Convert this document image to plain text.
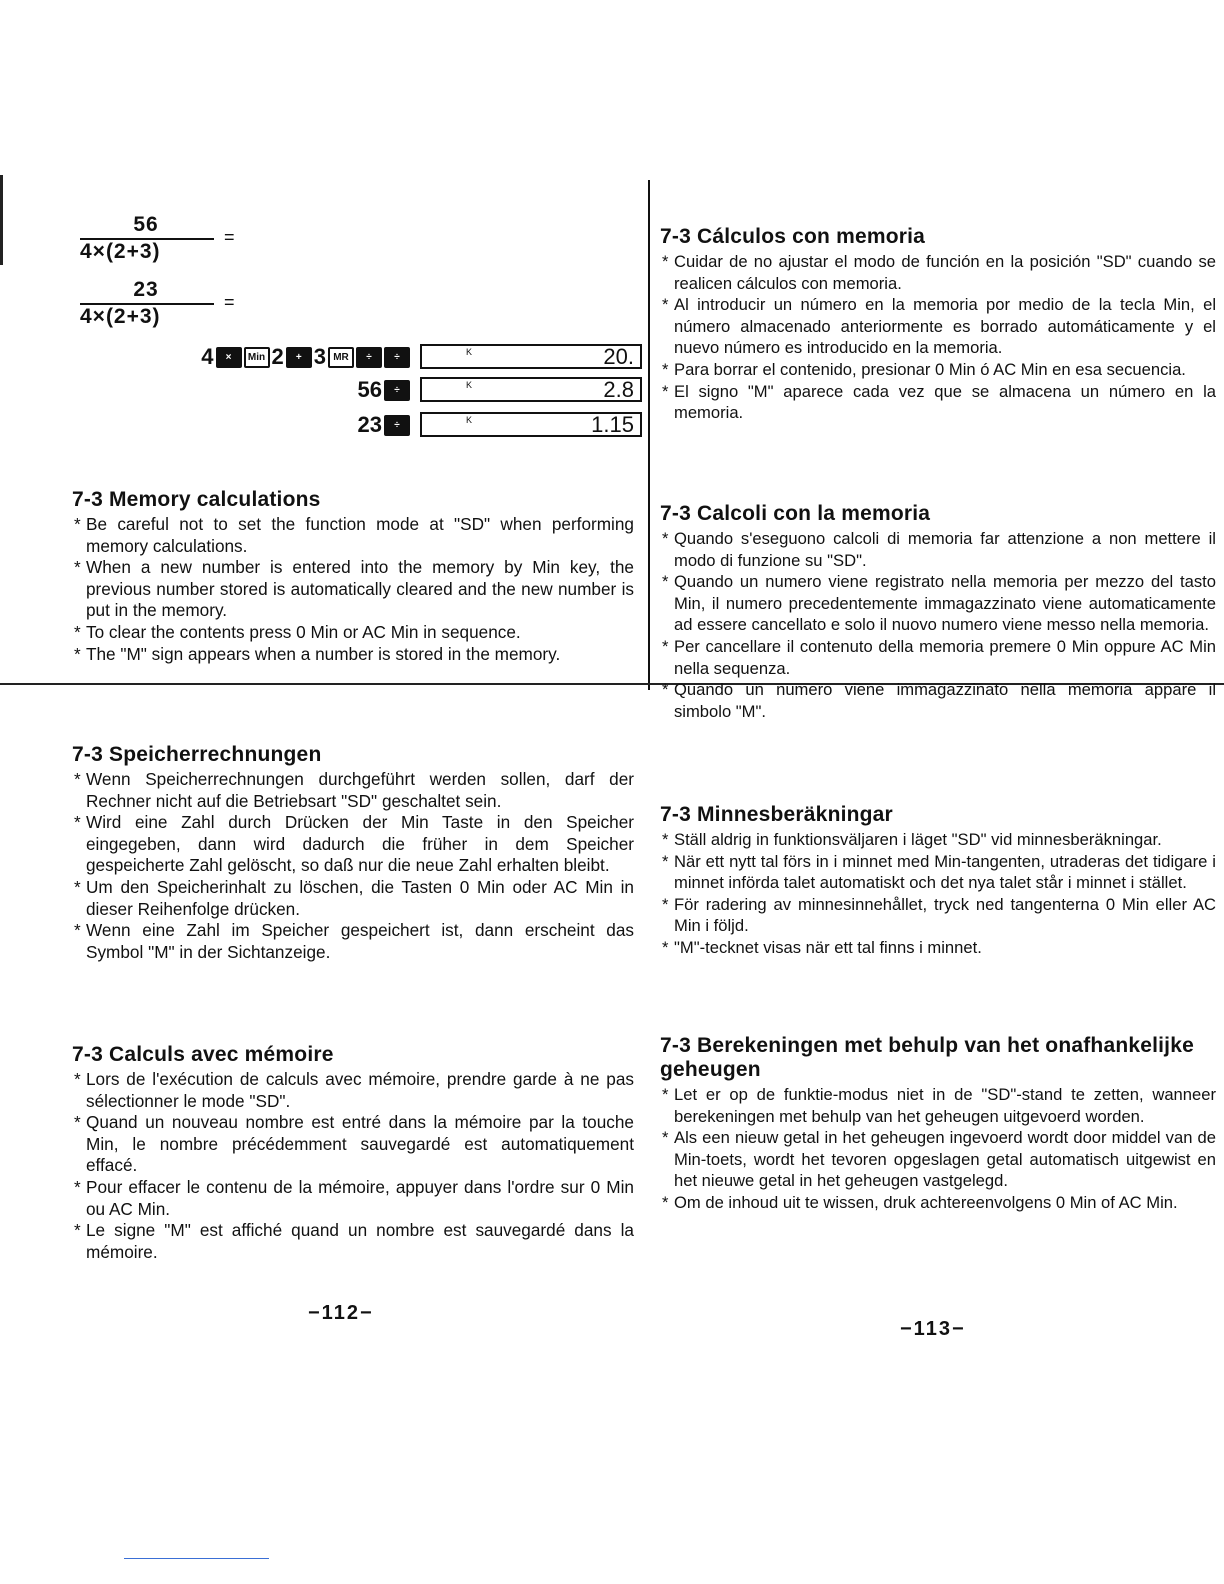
56
4×(2+3)
=
23
4×(2+3)
=
4	×	Min 2	+ 3 MR	÷	÷	K	20.
56	÷	K	2.8
23	÷	K	1.15
7-3 Memory calculations
* Be careful not to set the function mode at "SD" when performing memory calculations.
* When a new number is entered into the memory by Min key, the previous number stored is automatically cleared and the new number is put in the memory.
* To clear the contents press 0 Min or AC Min in sequence.
* The "M" sign appears when a number is stored in the memory.
7-3 Speicherrechnungen
* Wenn Speicherrechnungen durchgeführt werden sollen, darf der Rechner nicht auf die Betriebsart "SD" geschaltet sein.
* Wird eine Zahl durch Drücken der Min Taste in den Speicher eingegeben, dann wird dadurch die früher in dem Speicher gespeicherte Zahl gelöscht, so daß nur die neue Zahl erhalten bleibt.
* Um den Speicherinhalt zu löschen, die Tasten 0 Min oder AC Min in dieser Reihenfolge drücken.
* Wenn eine Zahl im Speicher gespeichert ist, dann erscheint das Symbol "M" in der Sichtanzeige.
7-3 Calculs avec mémoire
* Lors de l'exécution de calculs avec mémoire, prendre garde à ne pas sélectionner le mode "SD".
* Quand un nouveau nombre est entré dans la mémoire par la touche Min, le nombre précédemment sauvegardé est automatiquement effacé.
* Pour effacer le contenu de la mémoire, appuyer dans l'ordre sur 0 Min ou AC Min.
* Le signe "M" est affiché quand un nombre est sauvegardé dans la mémoire.
−112−
7-3 Cálculos con memoria
* Cuidar de no ajustar el modo de función en la posición "SD" cuando se realicen cálculos con memoria.
* Al introducir un número en la memoria por medio de la tecla Min, el número almacenado anteriormente es borrado automáticamente y el nuevo número es introducido en la memoria.
* Para borrar el contenido, presionar 0 Min ó AC Min en esa secuencia.
* El signo "M" aparece cada vez que se almacena un número en la memoria.
7-3 Calcoli con la memoria
* Quando s'eseguono calcoli di memoria far attenzione a non mettere il modo di funzione su "SD".
* Quando un numero viene registrato nella memoria per mezzo del tasto Min, il numero precedentemente immagazzinato viene automaticamente ad essere cancellato e solo il nuovo numero viene messo nella memoria.
* Per cancellare il contenuto della memoria premere 0 Min oppure AC Min nella sequenza.
* Quando un numero viene immagazzinato nella memoria appare il simbolo "M".
7-3 Minnesberäkningar
* Ställ aldrig in funktionsväljaren i läget "SD" vid minnesberäkningar.
* När ett nytt tal förs in i minnet med Min-tangenten, utraderas det tidigare i minnet införda talet automatiskt och det nya talet står i minnet i stället.
* För radering av minnesinnehållet, tryck ned tangenterna 0 Min eller AC Min i följd.
* "M"-tecknet visas när ett tal finns i minnet.
7-3 Berekeningen met behulp van het onafhankelijke geheugen
* Let er op de funktie-modus niet in de "SD"-stand te zetten, wanneer berekeningen met behulp van het geheugen uitgevoerd worden.
* Als een nieuw getal in het geheugen ingevoerd wordt door middel van de Min-toets, wordt het tevoren opgeslagen getal automatisch uitgewist en het nieuwe getal in het geheugen vastgelegd.
* Om de inhoud uit te wissen, druk achtereenvolgens 0 Min of AC Min.
−113−
